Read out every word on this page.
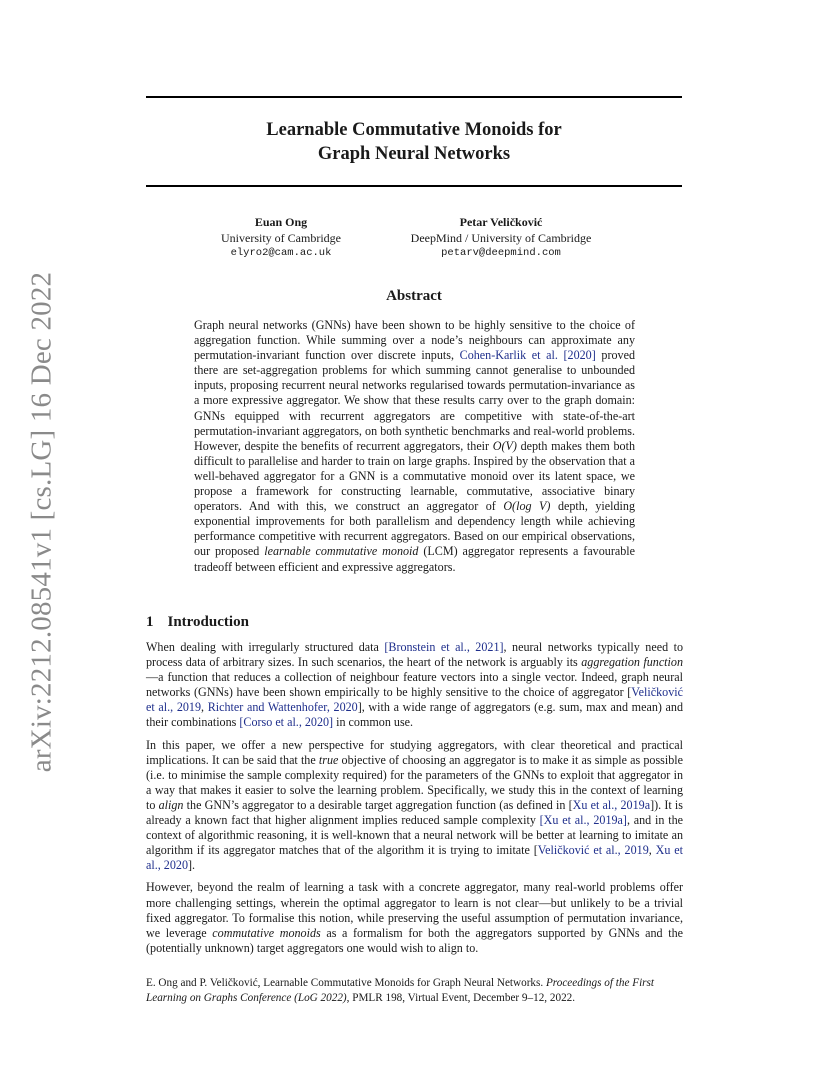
Learnable Commutative Monoids for
Graph Neural Networks
Euan Ong
University of Cambridge
elyro2@cam.ac.uk
Petar Veličković
DeepMind / University of Cambridge
petarv@deepmind.com
arXiv:2212.08541v1 [cs.LG] 16 Dec 2022	Abstract
Graph neural networks (GNNs) have been shown to be highly sensitive to the choice of aggregation function. While summing over a node’s neighbours can approximate any permutation-invariant function over discrete inputs, Cohen-Karlik et al. [2020] proved there are set-aggregation problems for which summing cannot generalise to unbounded inputs, proposing recurrent neural networks regularised towards permutation-invariance as a more expressive aggregator. We show that these results carry over to the graph domain: GNNs equipped with recurrent aggregators are competitive with state-of-the-art permutation-invariant aggregators, on both synthetic benchmarks and real-world problems. However, despite the benefits of recurrent aggregators, their O(V) depth makes them both difficult to parallelise and harder to train on large graphs. Inspired by the observation that a well-behaved aggregator for a GNN is a commutative monoid over its latent space, we propose a framework for constructing learnable, commutative, associative binary operators. And with this, we construct an aggregator of O(log V) depth, yielding exponential improvements for both parallelism and dependency length while achieving performance competitive with recurrent aggregators. Based on our empirical observations, our proposed learnable commutative monoid (LCM) aggregator represents a favourable tradeoff between efficient and expressive aggregators.
1 Introduction

When dealing with irregularly structured data [Bronstein et al., 2021], neural networks typically need to process data of arbitrary sizes. In such scenarios, the heart of the network is arguably its aggregation function—a function that reduces a collection of neighbour feature vectors into a single vector. Indeed, graph neural networks (GNNs) have been shown empirically to be highly sensitive to the choice of aggregator [Veličković et al., 2019, Richter and Wattenhofer, 2020], with a wide range of aggregators (e.g. sum, max and mean) and their combinations [Corso et al., 2020] in common use.

In this paper, we offer a new perspective for studying aggregators, with clear theoretical and practical implications. It can be said that the true objective of choosing an aggregator is to make it as simple as possible (i.e. to minimise the sample complexity required) for the parameters of the GNNs to exploit that aggregator in a way that makes it easier to solve the learning problem. Specifically, we study this in the context of learning to align the GNN’s aggregator to a desirable target aggregation function (as defined in [Xu et al., 2019a]). It is already a known fact that higher alignment implies reduced sample complexity [Xu et al., 2019a], and in the context of algorithmic reasoning, it is well-known that a neural network will be better at learning to imitate an algorithm if its aggregator matches that of the algorithm it is trying to imitate [Veličković et al., 2019, Xu et al., 2020].

However, beyond the realm of learning a task with a concrete aggregator, many real-world problems offer more challenging settings, wherein the optimal aggregator to learn is not clear—but unlikely to be a trivial fixed aggregator. To formalise this notion, while preserving the useful assumption of permutation invariance, we leverage commutative monoids as a formalism for both the aggregators supported by GNNs and the (potentially unknown) target aggregators one would wish to align to.

E. Ong and P. Veličković, Learnable Commutative Monoids for Graph Neural Networks. Proceedings of the First Learning on Graphs Conference (LoG 2022), PMLR 198, Virtual Event, December 9–12, 2022.
